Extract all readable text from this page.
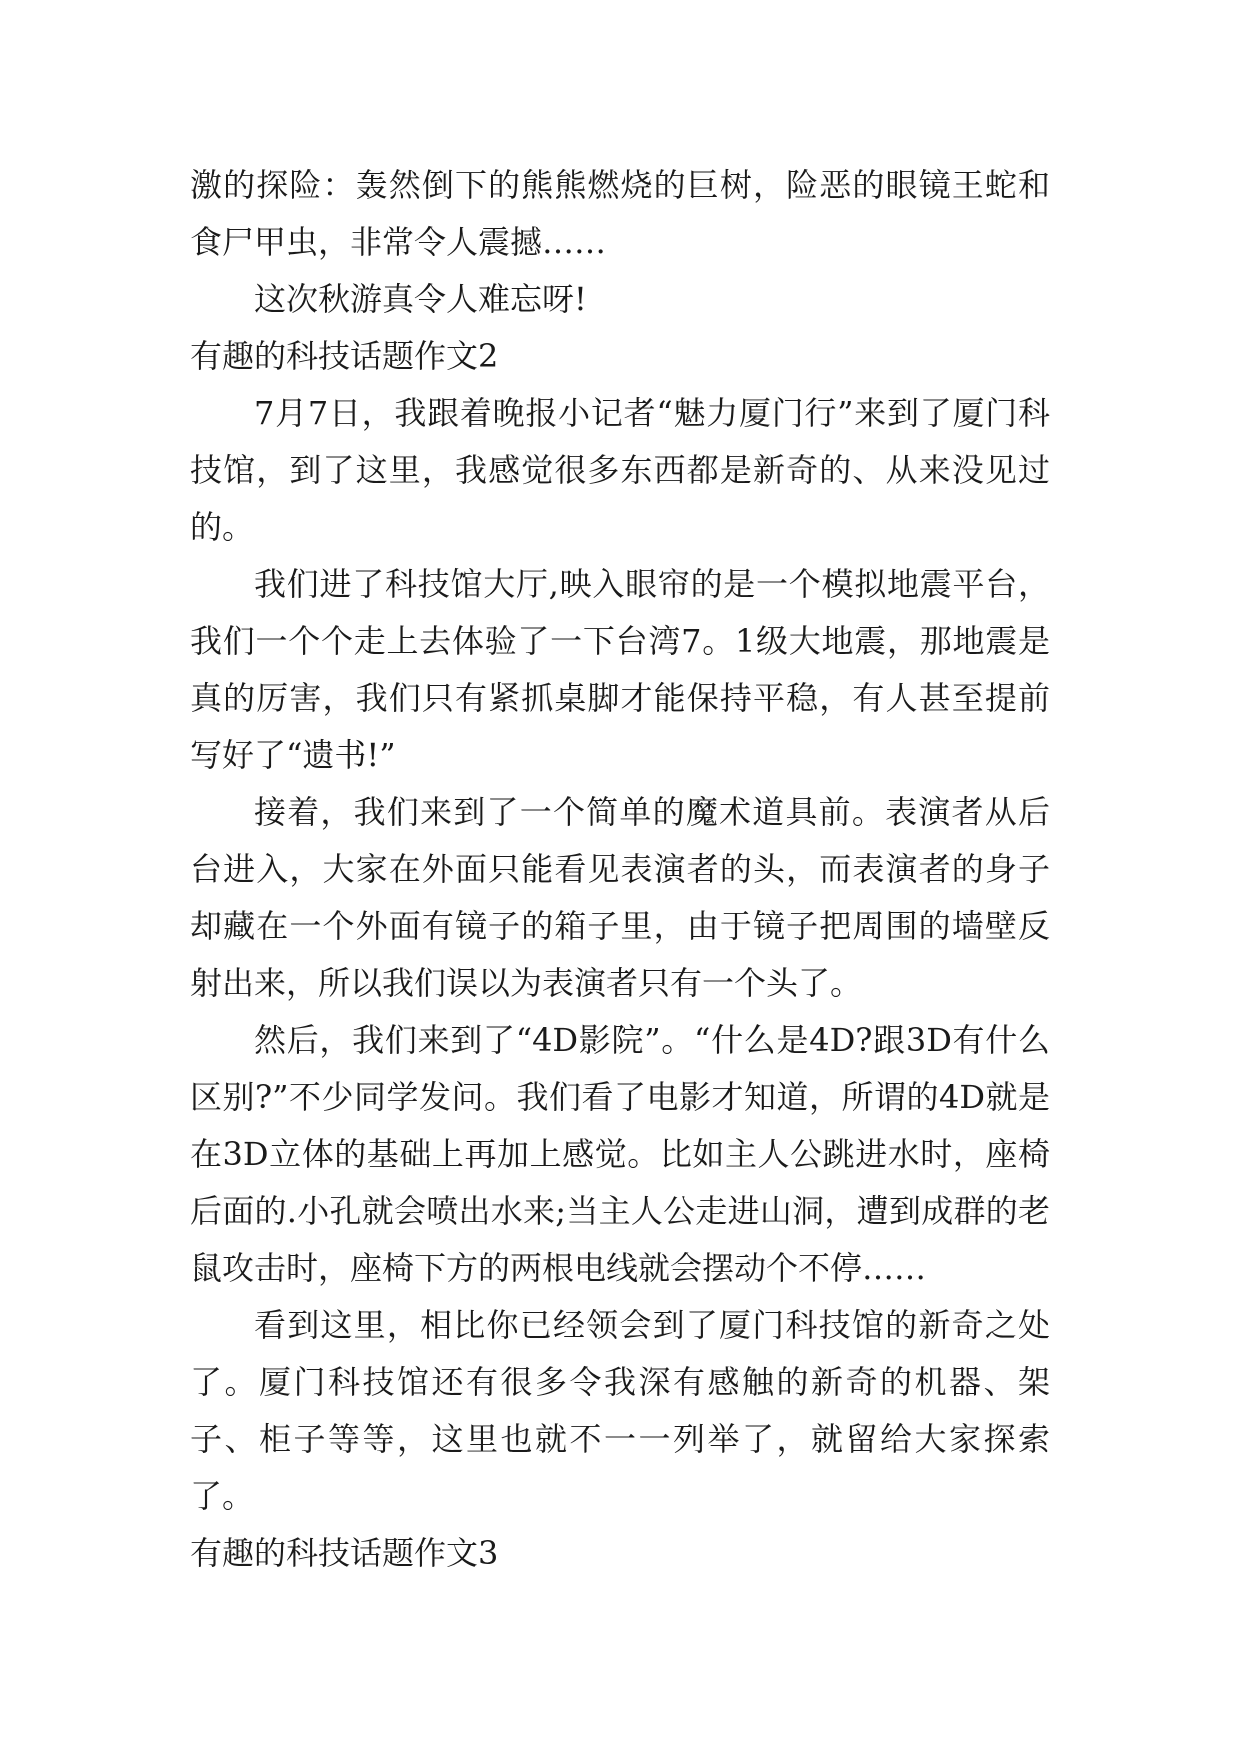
激的探险：轰然倒下的熊熊燃烧的巨树，险恶的眼镜王蛇和食尸甲虫，非常令人震撼……

这次秋游真令人难忘呀!

有趣的科技话题作文2

7月7日，我跟着晚报小记者“魅力厦门行”来到了厦门科技馆，到了这里，我感觉很多东西都是新奇的、从来没见过的。

我们进了科技馆大厅,映入眼帘的是一个模拟地震平台，我们一个个走上去体验了一下台湾7。1级大地震，那地震是真的厉害，我们只有紧抓桌脚才能保持平稳，有人甚至提前写好了“遗书!”

接着，我们来到了一个简单的魔术道具前。表演者从后台进入，大家在外面只能看见表演者的头，而表演者的身子却藏在一个外面有镜子的箱子里，由于镜子把周围的墙壁反射出来，所以我们误以为表演者只有一个头了。

然后，我们来到了“4D影院”。“什么是4D?跟3D有什么区别?”不少同学发问。我们看了电影才知道，所谓的4D就是在3D立体的基础上再加上感觉。比如主人公跳进水时，座椅后面的.小孔就会喷出水来;当主人公走进山洞，遭到成群的老鼠攻击时，座椅下方的两根电线就会摆动个不停……

看到这里，相比你已经领会到了厦门科技馆的新奇之处了。厦门科技馆还有很多令我深有感触的新奇的机器、架子、柜子等等，这里也就不一一列举了，就留给大家探索了。

有趣的科技话题作文3
